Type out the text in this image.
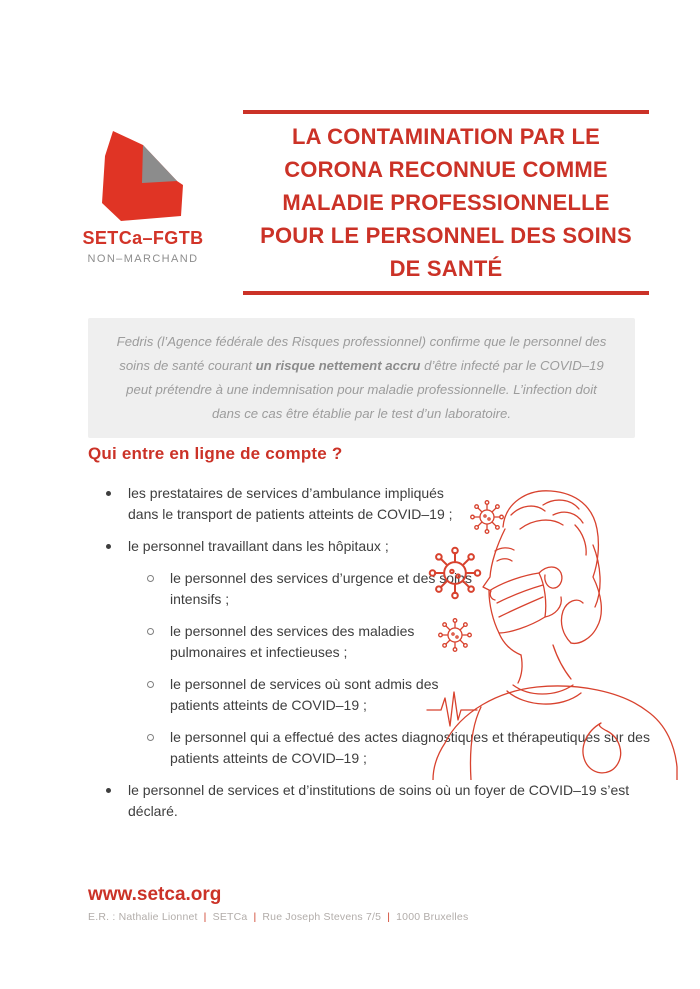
SETCa–FGTB
NON–MARCHAND
LA CONTAMINATION PAR LE
CORONA RECONNUE COMME
MALADIE PROFESSIONNELLE
POUR LE PERSONNEL DES SOINS
DE SANTÉ

Fedris (l’Agence fédérale des Risques professionnel) confirme que le personnel des soins de santé courant un risque nettement accru d’être infecté par le COVID–19 peut prétendre à une indemnisation pour maladie professionnelle. L’infection doit dans ce cas être établie par le test d’un laboratoire.

Qui entre en ligne de compte ?
les prestataires de services d’ambulance impliqués dans le transport de patients atteints de COVID–19 ;
le personnel travaillant dans les hôpitaux ;
le personnel des services d’urgence et des soins intensifs ;
le personnel des services des maladies pulmonaires et infectieuses ;
le personnel de services où sont admis des patients atteints de COVID–19 ;
le personnel qui a effectué des actes diagnostiques et thérapeutiques sur des patients atteints de COVID–19 ;
le personnel de services et d’institutions de soins où un foyer de COVID–19 s’est déclaré.
www.setca.org
E.R. : Nathalie Lionnet | SETCa | Rue Joseph Stevens 7/5 | 1000 Bruxelles
